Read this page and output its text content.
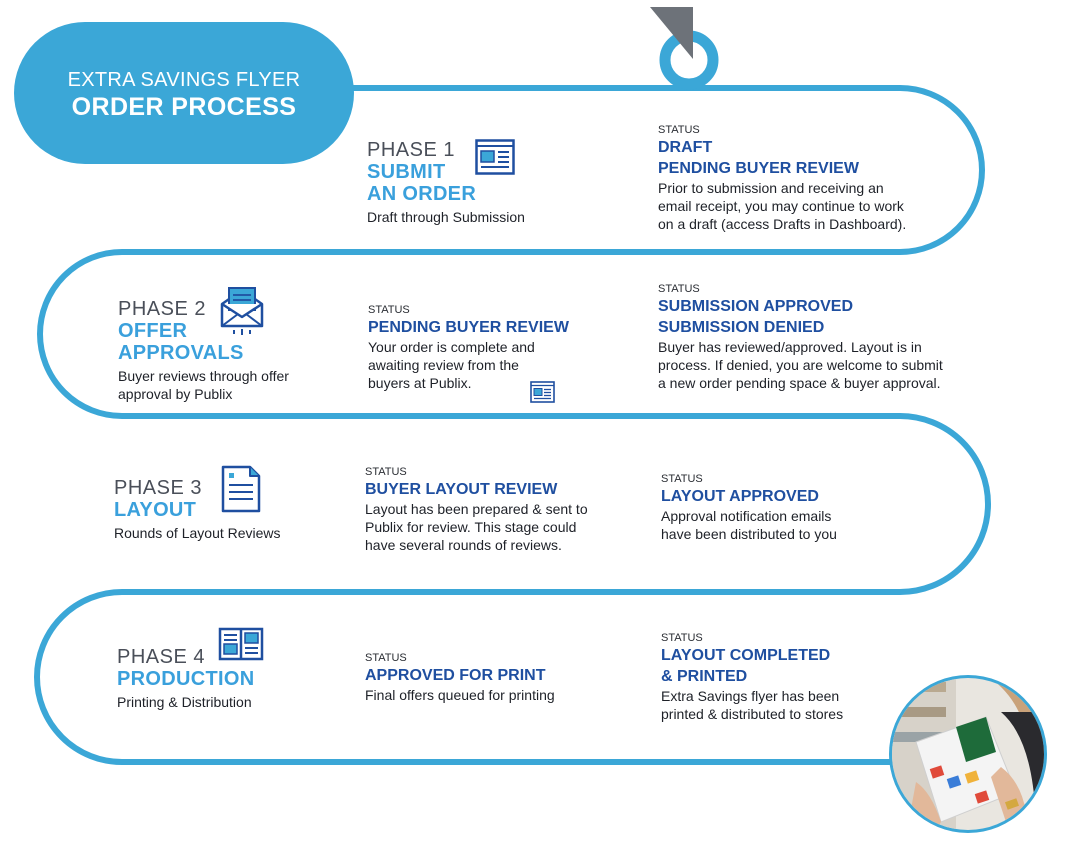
EXTRA SAVINGS FLYER
ORDER PROCESS
PHASE 1
SUBMIT
AN ORDER
Draft through Submission
STATUS
DRAFT
PENDING BUYER REVIEW
Prior to submission and receiving an
email receipt, you may continue to work
on a draft (access Drafts in Dashboard).
PHASE 2
OFFER
APPROVALS
Buyer reviews through offer
approval by Publix
STATUS
PENDING BUYER REVIEW
Your order is complete and
awaiting review from the
buyers at Publix.
STATUS
SUBMISSION APPROVED
SUBMISSION DENIED
Buyer has reviewed/approved. Layout is in
process. If denied, you are welcome to submit
a new order pending space & buyer approval.
PHASE 3
LAYOUT
Rounds of Layout Reviews
STATUS
BUYER LAYOUT REVIEW
Layout has been prepared & sent to
Publix for review. This stage could
have several rounds of reviews.
STATUS
LAYOUT APPROVED
Approval notification emails
have been distributed to you
PHASE 4
PRODUCTION
Printing & Distribution
STATUS
APPROVED FOR PRINT
Final offers queued for printing
STATUS
LAYOUT COMPLETED
& PRINTED
Extra Savings flyer has been
printed & distributed to stores
